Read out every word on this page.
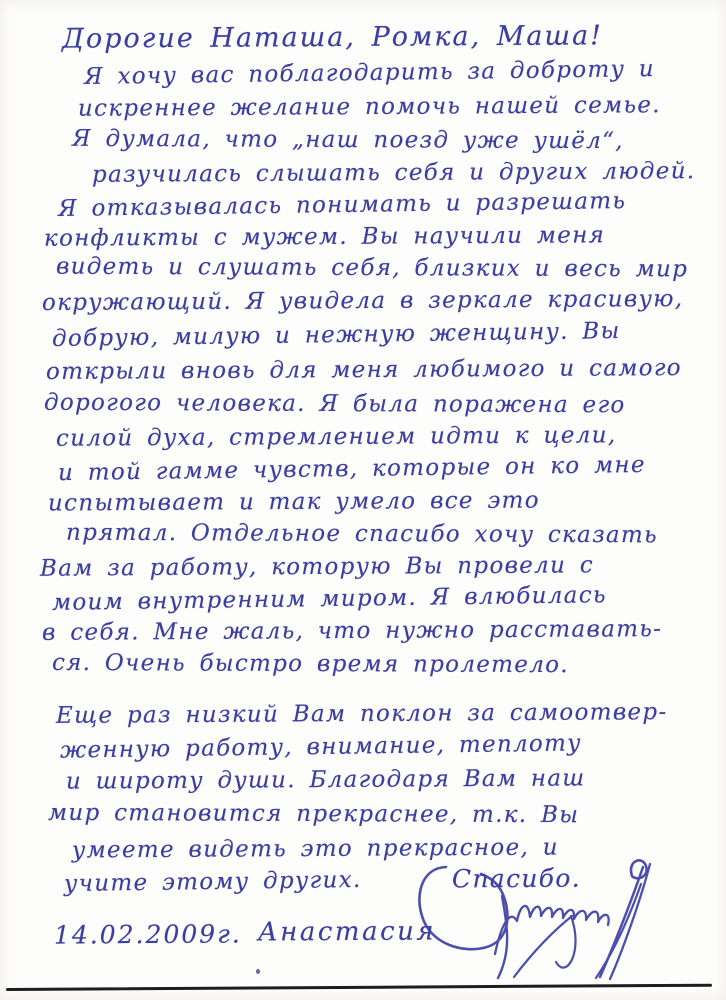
Дорогие Наташа, Ромка, Маша!
Я хочу вас поблагодарить за доброту и
искреннее желание помочь нашей семье.
Я думала, что „наш поезд уже ушёл“,
разучилась слышать себя и других людей.
Я отказывалась понимать и разрешать
конфликты с мужем. Вы научили меня
видеть и слушать себя, близких и весь мир
окружающий. Я увидела в зеркале красивую,
добрую, милую и нежную женщину. Вы
открыли вновь для меня любимого и самого
дорогого человека. Я была поражена его
силой духа, стремлением идти к цели,
и той гамме чувств, которые он ко мне
испытывает и так умело все это
прятал. Отдельное спасибо хочу сказать
Вам за работу, которую Вы провели с
моим внутренним миром. Я влюбилась
в себя. Мне жаль, что нужно расставать-
ся. Очень быстро время пролетело.
Еще раз низкий Вам поклон за самоотвер-
женную работу, внимание, теплоту
и широту души. Благодаря Вам наш
мир становится прекраснее, т.к. Вы
умеете видеть это прекрасное, и
учите этому других.	Спасибо.
14.02.2009г. Анастасия
